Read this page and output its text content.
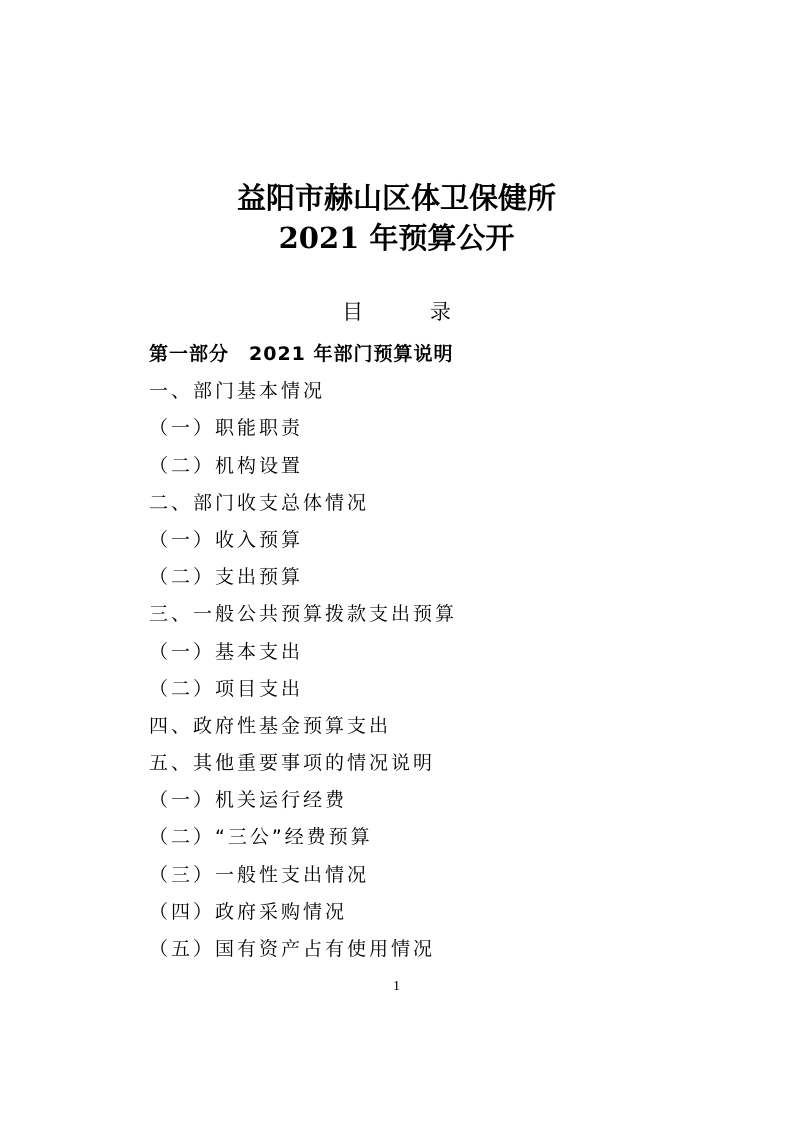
益阳市赫山区体卫保健所
2021 年预算公开
目 录
第一部分　2021 年部门预算说明
一、部门基本情况
（一）职能职责
（二）机构设置
二、部门收支总体情况
（一）收入预算
（二）支出预算
三、一般公共预算拨款支出预算
（一）基本支出
（二）项目支出
四、政府性基金预算支出
五、其他重要事项的情况说明
（一）机关运行经费
（二）“三公”经费预算
（三）一般性支出情况
（四）政府采购情况
（五）国有资产占有使用情况
1
